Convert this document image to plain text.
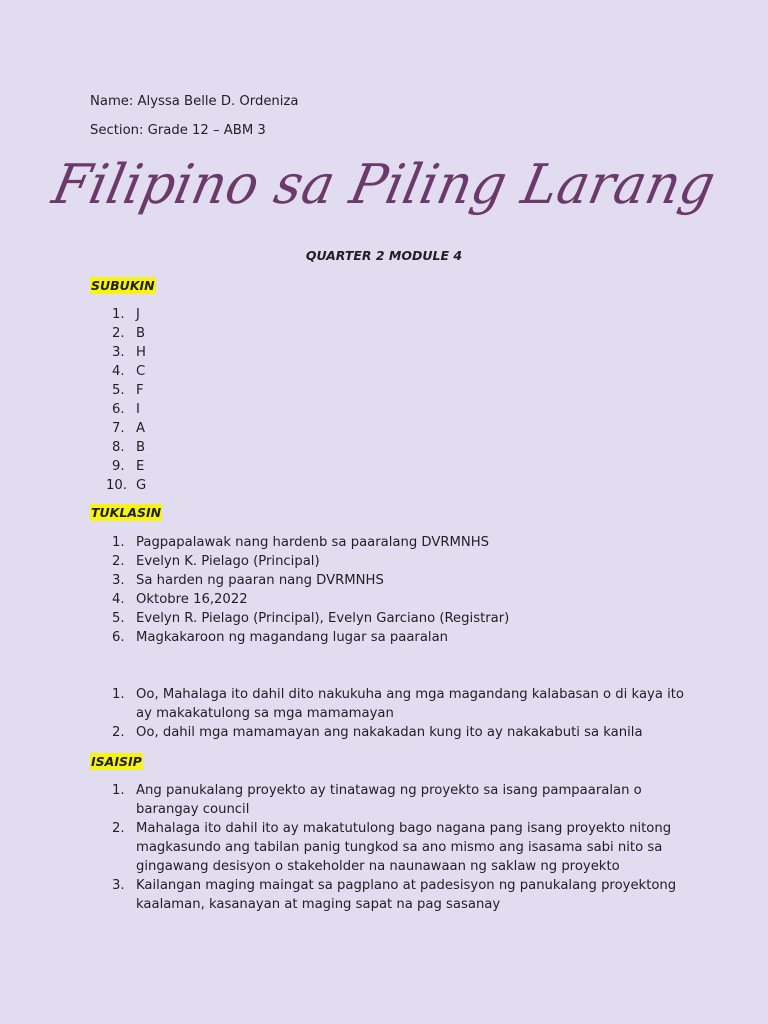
Name: Alyssa Belle D. Ordeniza
Section: Grade 12 – ABM 3
Filipino sa Piling Larang
QUARTER 2 MODULE 4
SUBUKIN
1. J
2. B
3. H
4. C
5. F
6. I
7. A
8. B
9. E
10. G
TUKLASIN
1. Pagpapalawak nang hardenb sa paaralang DVRMNHS
2. Evelyn K. Pielago (Principal)
3. Sa harden ng paaran nang DVRMNHS
4. Oktobre 16,2022
5. Evelyn R. Pielago (Principal), Evelyn Garciano (Registrar)
6. Magkakaroon ng magandang lugar sa paaralan
1. Oo, Mahalaga ito dahil dito nakukuha ang mga magandang kalabasan o di kaya ito ay makakatulong sa mga mamamayan
2. Oo, dahil mga mamamayan ang nakakadan kung ito ay nakakabuti sa kanila
ISAISIP
1. Ang panukalang proyekto ay tinatawag ng proyekto sa isang pampaaralan o barangay council
2. Mahalaga ito dahil ito ay makatutulong bago nagana pang isang proyekto nitong magkasundo ang tabilan panig tungkod sa ano mismo ang isasama sabi nito sa gingawang desisyon o stakeholder na naunawaan ng saklaw ng proyekto
3. Kailangan maging maingat sa pagplano at padesisyon ng panukalang proyektong kaalaman, kasanayan at maging sapat na pag sasanay
